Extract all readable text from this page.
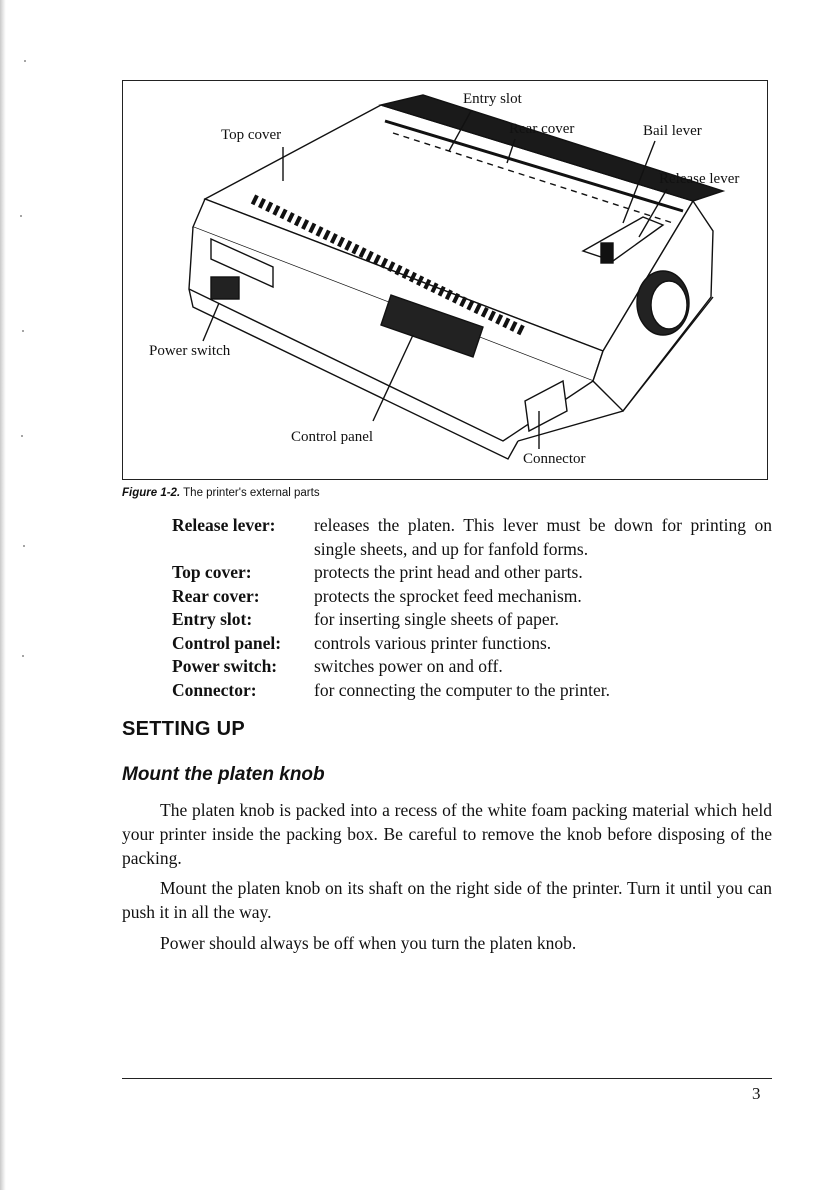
Entry slot
Top cover	Rear cover	Bail lever
Release lever
Power switch
Control panel
Connector
Figure 1-2. The printer's external parts
Release lever:	releases the platen. This lever must be down for printing on single sheets, and up for fanfold forms.
Top cover:	protects the print head and other parts.
Rear cover:	protects the sprocket feed mechanism.
Entry slot:	for inserting single sheets of paper.
Control panel:	controls various printer functions.
Power switch:	switches power on and off.
Connector:	for connecting the computer to the printer.
SETTING UP
Mount the platen knob

The platen knob is packed into a recess of the white foam packing material which held your printer inside the packing box. Be careful to remove the knob before disposing of the packing.

Mount the platen knob on its shaft on the right side of the printer. Turn it until you can push it in all the way.

Power should always be off when you turn the platen knob.

3
